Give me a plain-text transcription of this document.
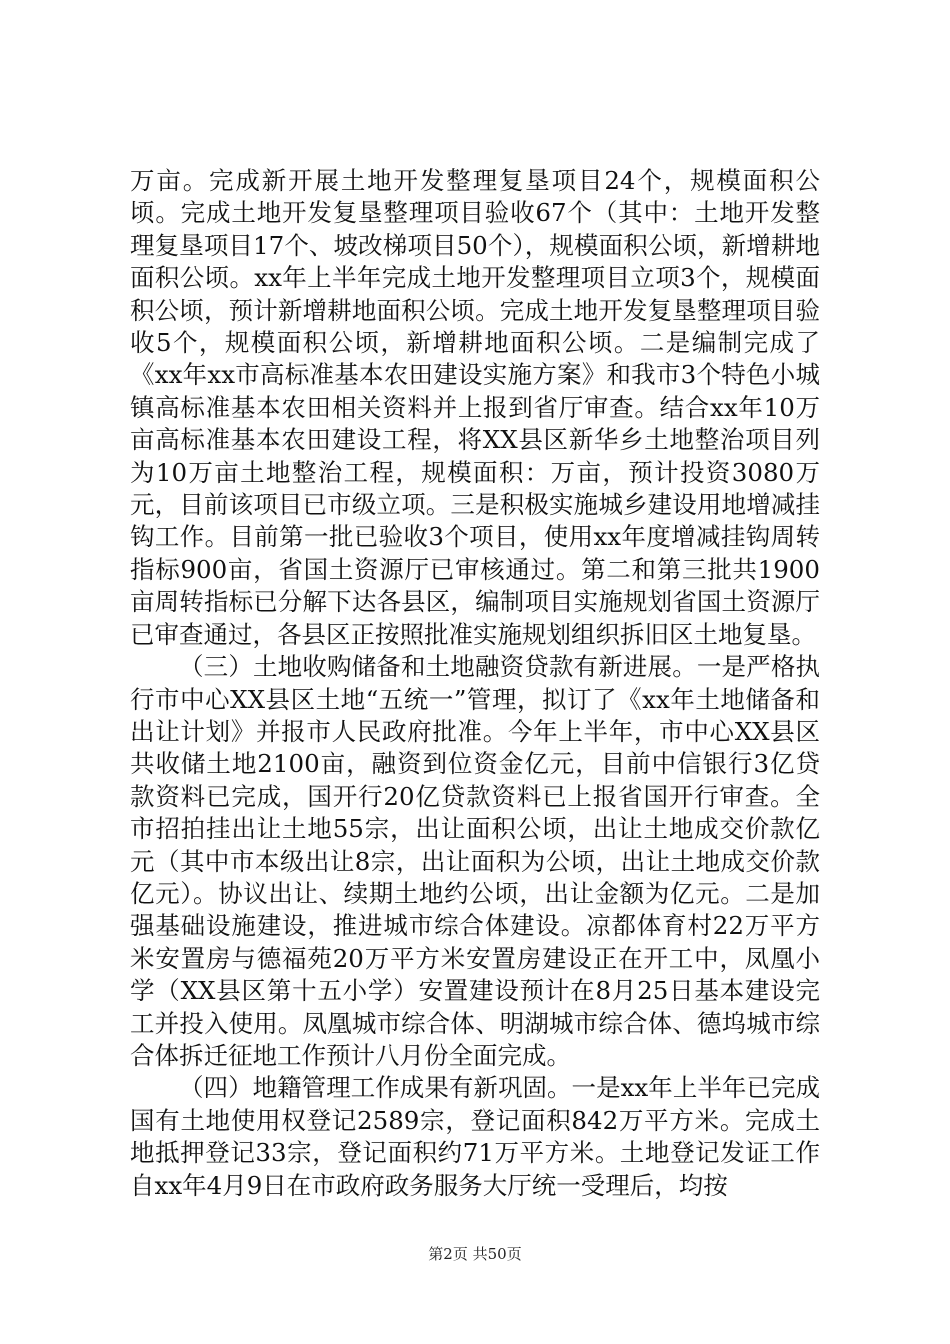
万亩。完成新开展土地开发整理复垦项目24个，规模面积公顷。完成土地开发复垦整理项目验收67个（其中：土地开发整理复垦项目17个、坡改梯项目50个），规模面积公顷，新增耕地面积公顷。xx年上半年完成土地开发整理项目立项3个，规模面积公顷，预计新增耕地面积公顷。完成土地开发复垦整理项目验收5个，规模面积公顷，新增耕地面积公顷。二是编制完成了《xx年xx市高标准基本农田建设实施方案》和我市3个特色小城镇高标准基本农田相关资料并上报到省厅审查。结合xx年10万亩高标准基本农田建设工程，将XX县区新华乡土地整治项目列为10万亩土地整治工程，规模面积：万亩，预计投资3080万元，目前该项目已市级立项。三是积极实施城乡建设用地增减挂钩工作。目前第一批已验收3个项目，使用xx年度增减挂钩周转指标900亩，省国土资源厅已审核通过。第二和第三批共1900亩周转指标已分解下达各县区，编制项目实施规划省国土资源厅已审查通过，各县区正按照批准实施规划组织拆旧区土地复垦。

（三）土地收购储备和土地融资贷款有新进展。一是严格执行市中心XX县区土地“五统一”管理，拟订了《xx年土地储备和出让计划》并报市人民政府批准。今年上半年，市中心XX县区共收储土地2100亩，融资到位资金亿元，目前中信银行3亿贷款资料已完成，国开行20亿贷款资料已上报省国开行审查。全市招拍挂出让土地55宗，出让面积公顷，出让土地成交价款亿元（其中市本级出让8宗，出让面积为公顷，出让土地成交价款亿元）。协议出让、续期土地约公顷，出让金额为亿元。二是加强基础设施建设，推进城市综合体建设。凉都体育村22万平方米安置房与德福苑20万平方米安置房建设正在开工中，凤凰小学（XX县区第十五小学）安置建设预计在8月25日基本建设完工并投入使用。凤凰城市综合体、明湖城市综合体、德坞城市综合体拆迁征地工作预计八月份全面完成。

（四）地籍管理工作成果有新巩固。一是xx年上半年已完成国有土地使用权登记2589宗，登记面积842万平方米。完成土地抵押登记33宗，登记面积约71万平方米。土地登记发证工作自xx年4月9日在市政府政务服务大厅统一受理后，均按

第2页 共50页
